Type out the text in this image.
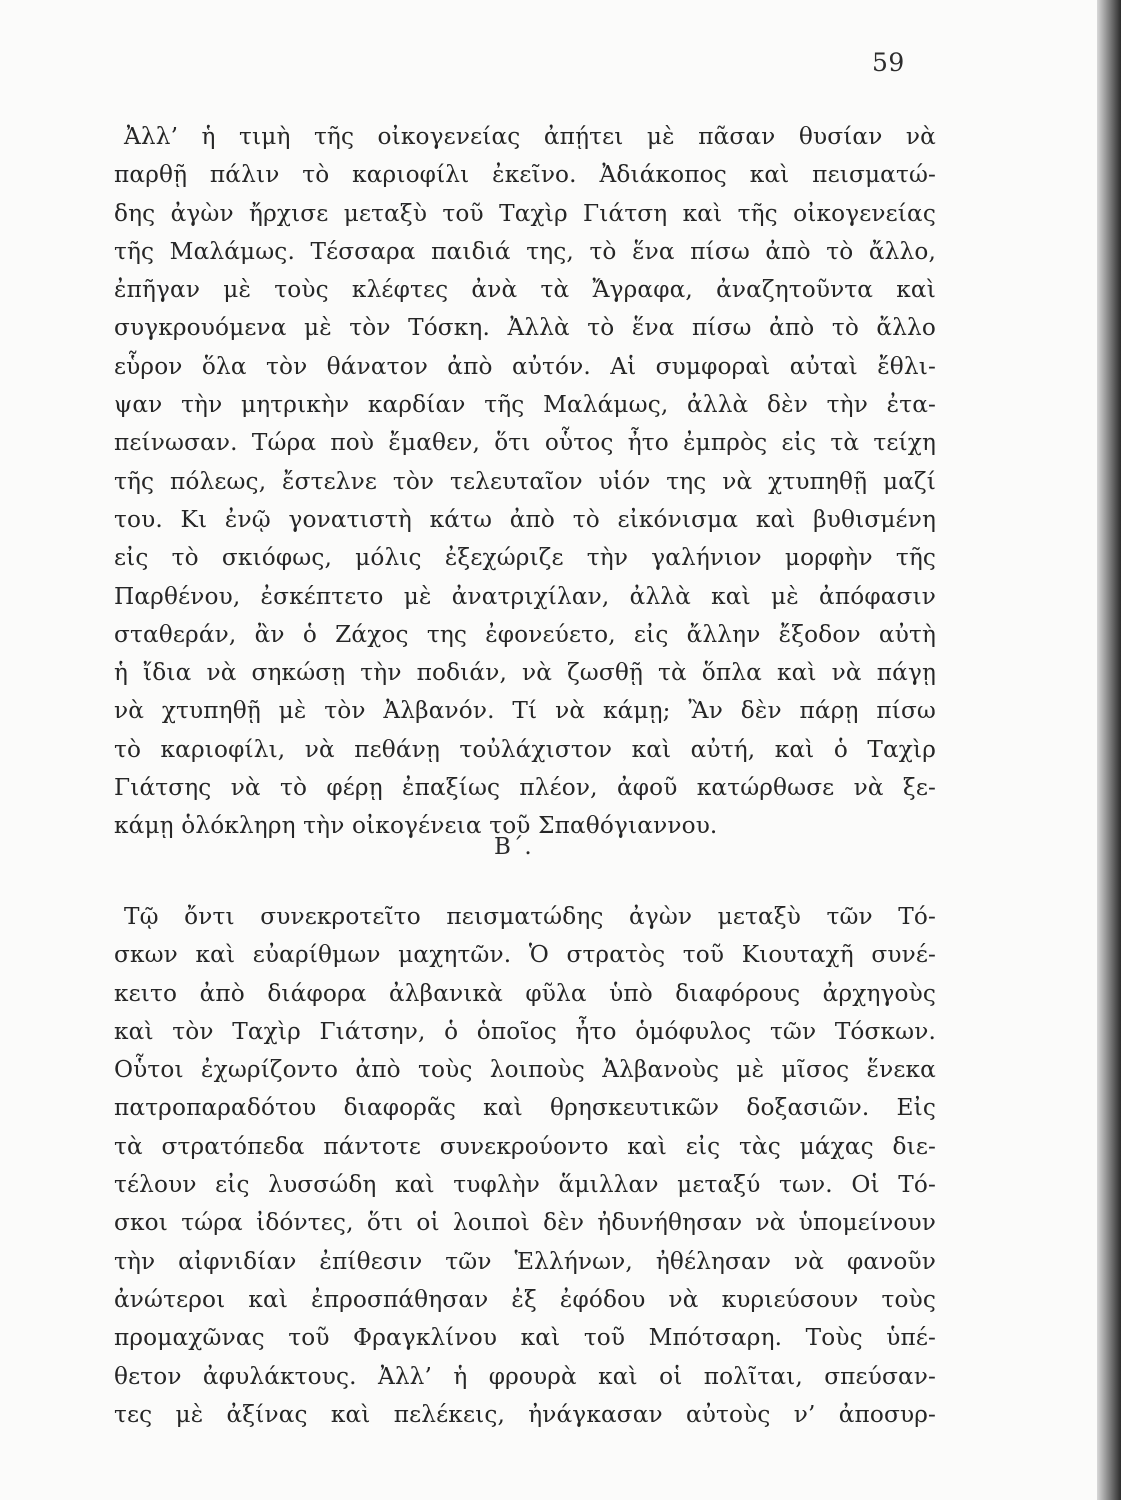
59
Ἀλλ’ ἡ τιμὴ τῆς οἰκογενείας ἀπῄτει μὲ πᾶσαν θυσίαν νὰ
παρθῇ πάλιν τὸ καριοφίλι ἐκεῖνο. Ἀδιάκοπος καὶ πεισματώ-
δης ἀγὼν ἤρχισε μεταξὺ τοῦ Ταχὶρ Γιάτση καὶ τῆς οἰκογενείας
τῆς Μαλάμως. Τέσσαρα παιδιά της, τὸ ἕνα πίσω ἀπὸ τὸ ἄλλο,
ἐπῆγαν μὲ τοὺς κλέφτες ἀνὰ τὰ Ἄγραφα, ἀναζητοῦντα καὶ
συγκρουόμενα μὲ τὸν Τόσκη. Ἀλλὰ τὸ ἕνα πίσω ἀπὸ τὸ ἄλλο
εὗρον ὅλα τὸν θάνατον ἀπὸ αὐτόν. Αἱ συμφοραὶ αὐταὶ ἔθλι-
ψαν τὴν μητρικὴν καρδίαν τῆς Μαλάμως, ἀλλὰ δὲν τὴν ἐτα-
πείνωσαν. Τώρα ποὺ ἔμαθεν, ὅτι οὗτος ἦτο ἐμπρὸς εἰς τὰ τείχη
τῆς πόλεως, ἔστελνε τὸν τελευταῖον υἱόν της νὰ χτυπηθῇ μαζί
του. Κι ἐνῷ γονατιστὴ κάτω ἀπὸ τὸ εἰκόνισμα καὶ βυθισμένη
εἰς τὸ σκιόφως, μόλις ἐξεχώριζε τὴν γαλήνιον μορφὴν τῆς
Παρθένου, ἐσκέπτετο μὲ ἀνατριχίλαν, ἀλλὰ καὶ μὲ ἀπόφασιν
σταθεράν, ἂν ὁ Ζάχος της ἐφονεύετο, εἰς ἄλλην ἔξοδον αὐτὴ
ἡ ἴδια νὰ σηκώσῃ τὴν ποδιάν, νὰ ζωσθῇ τὰ ὅπλα καὶ νὰ πάγῃ
νὰ χτυπηθῇ μὲ τὸν Ἀλβανόν. Τί νὰ κάμῃ; Ἂν δὲν πάρῃ πίσω
τὸ καριοφίλι, νὰ πεθάνῃ τοὐλάχιστον καὶ αὐτή, καὶ ὁ Ταχὶρ
Γιάτσης νὰ τὸ φέρῃ ἐπαξίως πλέον, ἀφοῦ κατώρθωσε νὰ ξε-
κάμῃ ὁλόκληρη τὴν οἰκογένεια τοῦ Σπαθόγιαννου.
Β΄.
Τῷ ὄντι συνεκροτεῖτο πεισματώδης ἀγὼν μεταξὺ τῶν Τό-
σκων καὶ εὐαρίθμων μαχητῶν. Ὁ στρατὸς τοῦ Κιουταχῆ συνέ-
κειτο ἀπὸ διάφορα ἀλβανικὰ φῦλα ὑπὸ διαφόρους ἀρχηγοὺς
καὶ τὸν Ταχὶρ Γιάτσην, ὁ ὁποῖος ἦτο ὁμόφυλος τῶν Τόσκων.
Οὗτοι ἐχωρίζοντο ἀπὸ τοὺς λοιποὺς Ἀλβανοὺς μὲ μῖσος ἕνεκα
πατροπαραδότου διαφορᾶς καὶ θρησκευτικῶν δοξασιῶν. Εἰς
τὰ στρατόπεδα πάντοτε συνεκρούοντο καὶ εἰς τὰς μάχας διε-
τέλουν εἰς λυσσώδη καὶ τυφλὴν ἅμιλλαν μεταξύ των. Οἱ Τό-
σκοι τώρα ἰδόντες, ὅτι οἱ λοιποὶ δὲν ἠδυνήθησαν νὰ ὑπομείνουν
τὴν αἰφνιδίαν ἐπίθεσιν τῶν Ἑλλήνων, ἠθέλησαν νὰ φανοῦν
ἀνώτεροι καὶ ἐπροσπάθησαν ἐξ ἐφόδου νὰ κυριεύσουν τοὺς
προμαχῶνας τοῦ Φραγκλίνου καὶ τοῦ Μπότσαρη. Τοὺς ὑπέ-
θετον ἀφυλάκτους. Ἀλλ’ ἡ φρουρὰ καὶ οἱ πολῖται, σπεύσαν-
τες μὲ ἀξίνας καὶ πελέκεις, ἠνάγκασαν αὐτοὺς ν’ ἀποσυρ-
